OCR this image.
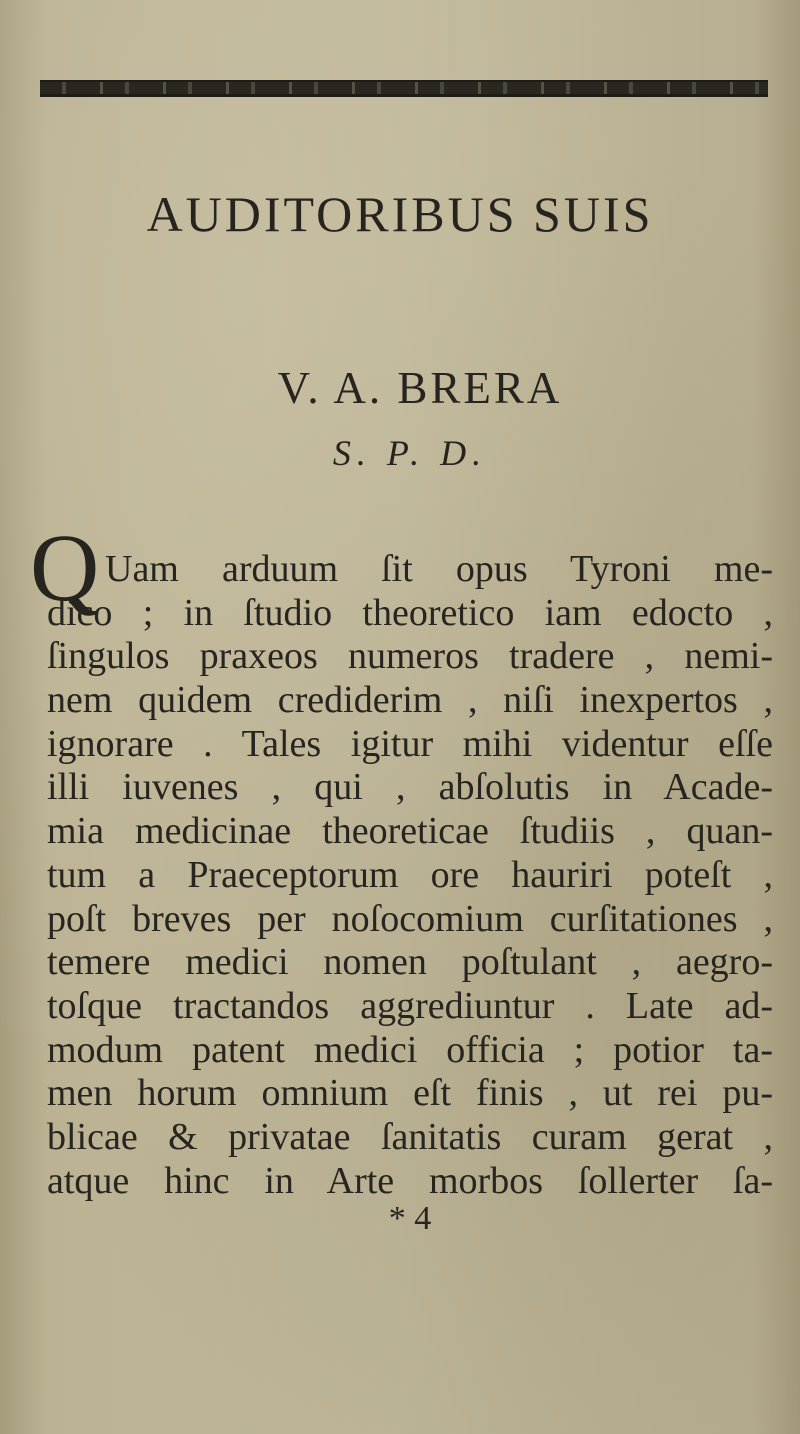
AUDITORIBUS SUIS
V. A. BRERA
S. P. D.
Q Uam arduum ſit opus Tyroni me-
dico ; in ſtudio theoretico iam edocto ,
ſingulos praxeos numeros tradere , nemi-
nem quidem crediderim , niſi inexpertos ,
ignorare . Tales igitur mihi videntur eſſe
illi iuvenes , qui , abſolutis in Acade-
mia medicinae theoreticae ſtudiis , quan-
tum a Praeceptorum ore hauriri poteſt ,
poſt breves per noſocomium curſitationes ,
temere medici nomen poſtulant , aegro-
toſque tractandos aggrediuntur . Late ad-
modum patent medici officia ; potior ta-
men horum omnium eſt finis , ut rei pu-
blicae & privatae ſanitatis curam gerat ,
atque hinc in Arte morbos ſollerter ſa-
* 4
